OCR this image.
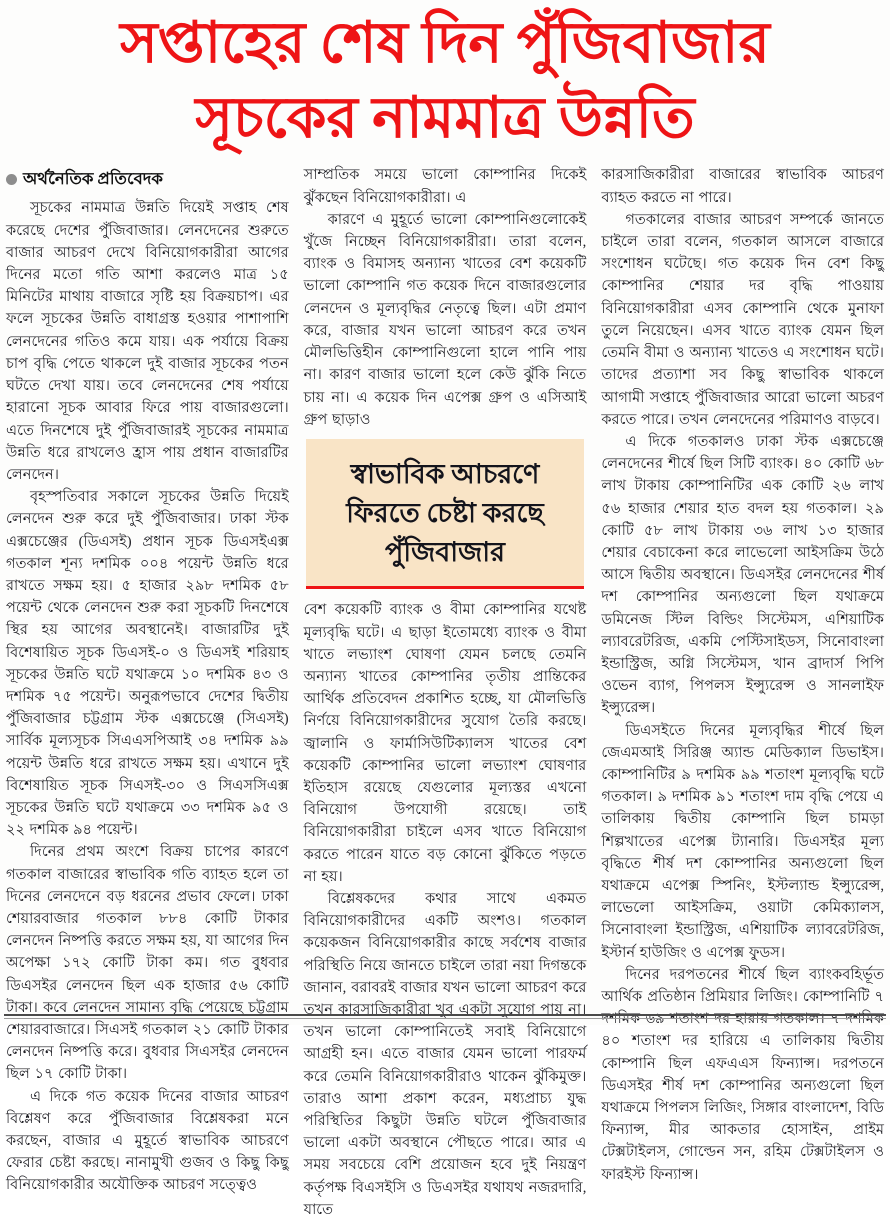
সপ্তাহের শেষ দিন পুঁজিবাজার
সূচকের নামমাত্র উন্নতি
অর্থনৈতিক প্রতিবেদক

সূচকের নামমাত্র উন্নতি দিয়েই সপ্তাহ শেষ করেছে দেশের পুঁজিবাজার। লেনদেনের শুরুতে বাজার আচরণ দেখে বিনিয়োগকারীরা আগের দিনের মতো গতি আশা করলেও মাত্র ১৫ মিনিটের মাথায় বাজারে সৃষ্টি হয় বিক্রয়চাপ। এর ফলে সূচকের উন্নতি বাধাগ্রস্ত হওয়ার পাশাপাশি লেনদেনের গতিও কমে যায়। এক পর্যায়ে বিক্রয় চাপ বৃদ্ধি পেতে থাকলে দুই বাজার সূচকের পতন ঘটতে দেখা যায়। তবে লেনদেনের শেষ পর্যায়ে হারানো সূচক আবার ফিরে পায় বাজারগুলো। এতে দিনশেষে দুই পুঁজিবাজারই সূচকের নামমাত্র উন্নতি ধরে রাখলেও হ্রাস পায় প্রধান বাজারটির লেনদেন।

বৃহস্পতিবার সকালে সূচকের উন্নতি দিয়েই লেনদেন শুরু করে দুই পুঁজিবাজার। ঢাকা স্টক এক্সচেঞ্জের (ডিএসই) প্রধান সূচক ডিএসইএক্স গতকাল শূন্য দশমিক ০০৪ পয়েন্ট উন্নতি ধরে রাখতে সক্ষম হয়। ৫ হাজার ২৯৮ দশমিক ৫৮ পয়েন্ট থেকে লেনদেন শুরু করা সূচকটি দিনশেষে স্থির হয় আগের অবস্থানেই। বাজারটির দুই বিশেষায়িত সূচক ডিএসই-০ ও ডিএসই শরিয়াহ সূচকের উন্নতি ঘটে যথাক্রমে ১০ দশমিক ৪৩ ও দশমিক ৭৫ পয়েন্ট। অনুরূপভাবে দেশের দ্বিতীয় পুঁজিবাজার চট্টগ্রাম স্টক এক্সচেঞ্জে (সিএসই) সার্বিক মূল্যসূচক সিএএসপিআই ৩৪ দশমিক ৯৯ পয়েন্ট উন্নতি ধরে রাখতে সক্ষম হয়। এখানে দুই বিশেষায়িত সূচক সিএসই-৩০ ও সিএসসিএক্স সূচকের উন্নতি ঘটে যথাক্রমে ৩৩ দশমিক ৯৫ ও ২২ দশমিক ৯৪ পয়েন্ট।

দিনের প্রথম অংশে বিক্রয় চাপের কারণে গতকাল বাজারের স্বাভাবিক গতি ব্যাহত হলে তা দিনের লেনদেনে বড় ধরনের প্রভাব ফেলে। ঢাকা শেয়ারবাজার গতকাল ৮৮৪ কোটি টাকার লেনদেন নিষ্পত্তি করতে সক্ষম হয়, যা আগের দিন অপেক্ষা ১৭২ কোটি টাকা কম। গত বুধবার ডিএসইর লেনদেন ছিল এক হাজার ৫৬ কোটি টাকা। কবে লেনদেন সামান্য বৃদ্ধি পেয়েছে চট্টগ্রাম শেয়ারবাজারে। সিএসই গতকাল ২১ কোটি টাকার লেনদেন নিষ্পত্তি করে। বুধবার সিএসইর লেনদেন ছিল ১৭ কোটি টাকা।

এ দিকে গত কয়েক দিনের বাজার আচরণ বিশ্লেষণ করে পুঁজিবাজার বিশ্লেষকরা মনে করছেন, বাজার এ মুহূর্তে স্বাভাবিক আচরণে ফেরার চেষ্টা করছে। নানামুখী গুজব ও কিছু কিছু বিনিয়োগকারীর অযৌক্তিক আচরণ সত্ত্বেও

সাম্প্রতিক সময়ে ভালো কোম্পানির দিকেই ঝুঁকছেন বিনিয়োগকারীরা। এ

কারণে এ মুহূর্তে ভালো কোম্পানিগুলোকেই খুঁজে নিচ্ছেন বিনিয়োগকারীরা। তারা বলেন, ব্যাংক ও বিমাসহ অন্যান্য খাতের বেশ কয়েকটি ভালো কোম্পানি গত কয়েক দিনে বাজারগুলোর লেনদেন ও মূল্যবৃদ্ধির নেতৃত্বে ছিল। এটা প্রমাণ করে, বাজার যখন ভালো আচরণ করে তখন মৌলভিত্তিহীন কোম্পানিগুলো হালে পানি পায় না। কারণ বাজার ভালো হলে কেউ ঝুঁকি নিতে চায় না। এ কয়েক দিন এপেক্স গ্রুপ ও এসিআই গ্রুপ ছাড়াও

স্বাভাবিক আচরণে
ফিরতে চেষ্টা করছে
পুঁজিবাজার

বেশ কয়েকটি ব্যাংক ও বীমা কোম্পানির যথেষ্ট মূল্যবৃদ্ধি ঘটে। এ ছাড়া ইতোমধ্যে ব্যাংক ও বীমা খাতে লভ্যাংশ ঘোষণা যেমন চলছে তেমনি অন্যান্য খাতের কোম্পানির তৃতীয় প্রান্তিকের আর্থিক প্রতিবেদন প্রকাশিত হচ্ছে, যা মৌলভিত্তি নির্ণয়ে বিনিয়োগকারীদের সুযোগ তৈরি করছে। জ্বালানি ও ফার্মাসিউটিক্যালস খাতের বেশ কয়েকটি কোম্পানির ভালো লভ্যাংশ ঘোষণার ইতিহাস রয়েছে যেগুলোর মূল্যস্তর এখনো বিনিয়োগ উপযোগী রয়েছে। তাই বিনিয়োগকারীরা চাইলে এসব খাতে বিনিয়োগ করতে পারেন যাতে বড় কোনো ঝুঁকিতে পড়তে না হয়।

বিশ্লেষকদের কথার সাথে একমত বিনিয়োগকারীদের একটি অংশও। গতকাল কয়েকজন বিনিয়োগকারীর কাছে সর্বশেষ বাজার পরিস্থিতি নিয়ে জানতে চাইলে তারা নয়া দিগন্তকে জানান, বরাবরই বাজার যখন ভালো আচরণ করে তখন কারসাজিকারীরা খুব একটা সুযোগ পায় না। তখন ভালো কোম্পানিতেই সবাই বিনিয়োগে আগ্রহী হন। এতে বাজার যেমন ভালো পারফর্ম করে তেমনি বিনিয়োগকারীরাও থাকেন ঝুঁকিমুক্ত। তারাও আশা প্রকাশ করেন, মধ্যপ্রাচ্য যুদ্ধ পরিস্থিতির কিছুটা উন্নতি ঘটলে পুঁজিবাজার ভালো একটা অবস্থানে পৌছতে পারে। আর এ সময় সবচেয়ে বেশি প্রয়োজন হবে দুই নিয়ন্ত্রণ কর্তৃপক্ষ বিএসইসি ও ডিএসইর যথাযথ নজরদারি, যাতে

কারসাজিকারীরা বাজারের স্বাভাবিক আচরণ ব্যাহত করতে না পারে।

গতকালের বাজার আচরণ সম্পর্কে জানতে চাইলে তারা বলেন, গতকাল আসলে বাজারে সংশোধন ঘটেছে। গত কয়েক দিন বেশ কিছু কোম্পানির শেয়ার দর বৃদ্ধি পাওয়ায় বিনিয়োগকারীরা এসব কোম্পানি থেকে মুনাফা তুলে নিয়েছেন। এসব খাতে ব্যাংক যেমন ছিল তেমনি বীমা ও অন্যান্য খাতেও এ সংশোধন ঘটে। তাদের প্রত্যাশা সব কিছু স্বাভাবিক থাকলে আগামী সপ্তাহে পুঁজিবাজার আরো ভালো অচরণ করতে পারে। তখন লেনদেনের পরিমাণও বাড়বে।

এ দিকে গতকালও ঢাকা স্টক এক্সচেঞ্জে লেনদেনের শীর্ষে ছিল সিটি ব্যাংক। ৪০ কোটি ৬৮ লাখ টাকায় কোম্পানিটির এক কোটি ২৬ লাখ ৫৬ হাজার শেয়ার হাত বদল হয় গতকাল। ২৯ কোটি ৫৮ লাখ টাকায় ৩৬ লাখ ১৩ হাজার শেয়ার বেচাকেনা করে লাভেলো আইসক্রিম উঠে আসে দ্বিতীয় অবস্থানে। ডিএসইর লেনদেনের শীর্ষ দশ কোম্পানির অন্যগুলো ছিল যথাক্রমে ডমিনেজ স্টিল বিল্ডিং সিস্টেমস, এশিয়াটিক ল্যাবরেটরিজ, একমি পেস্টিসাইডস, সিনোবাংলা ইন্ডাস্ট্রিজ, অগ্নি সিস্টেমস, খান ব্রাদার্স পিপি ওভেন ব্যাগ, পিপলস ইন্স্যুরেন্স ও সানলাইফ ইন্স্যুরেন্স।

ডিএসইতে দিনের মূল্যবৃদ্ধির শীর্ষে ছিল জেএমআই সিরিঞ্জ অ্যান্ড মেডিক্যাল ডিভাইস। কোম্পানিটির ৯ দশমিক ৯৯ শতাংশ মূল্যবৃদ্ধি ঘটে গতকাল। ৯ দশমিক ৯১ শতাংশ দাম বৃদ্ধি পেয়ে এ তালিকায় দ্বিতীয় কোম্পানি ছিল চামড়া শিল্পখাতের এপেক্স ট্যানারি। ডিএসইর মূল্য বৃদ্ধিতে শীর্ষ দশ কোম্পানির অন্যগুলো ছিল যথাক্রমে এপেক্স স্পিনিং, ইস্টল্যান্ড ইন্স্যুরেন্স, লাভেলো আইসক্রিম, ওয়াটা কেমিক্যালস, সিনোবাংলা ইন্ডাস্ট্রিজ, এশিয়াটিক ল্যাবরেটরিজ, ইস্টার্ন হাউজিং ও এপেক্স ফুডস।

দিনের দরপতনের শীর্ষে ছিল ব্যাংকবহির্ভূত আর্থিক প্রতিষ্ঠান প্রিমিয়ার লিজিং। কোম্পানিটি ৭ দশমিক ৬৯ শতাংশ দর হারায় গতকাল। ৭ দশমিক ৪০ শতাংশ দর হারিয়ে এ তালিকায় দ্বিতীয় কোম্পানি ছিল এফএএস ফিন্যান্স। দরপতনে ডিএসইর শীর্ষ দশ কোম্পানির অন্যগুলো ছিল যথাক্রমে পিপলস লিজিং, সিঙ্গার বাংলাদেশ, বিডি ফিন্যান্স, মীর আকতার হোসাইন, প্রাইম টেক্সটাইলস, গোল্ডেন সন, রহিম টেক্সটাইলস ও ফারইস্ট ফিন্যান্স।
